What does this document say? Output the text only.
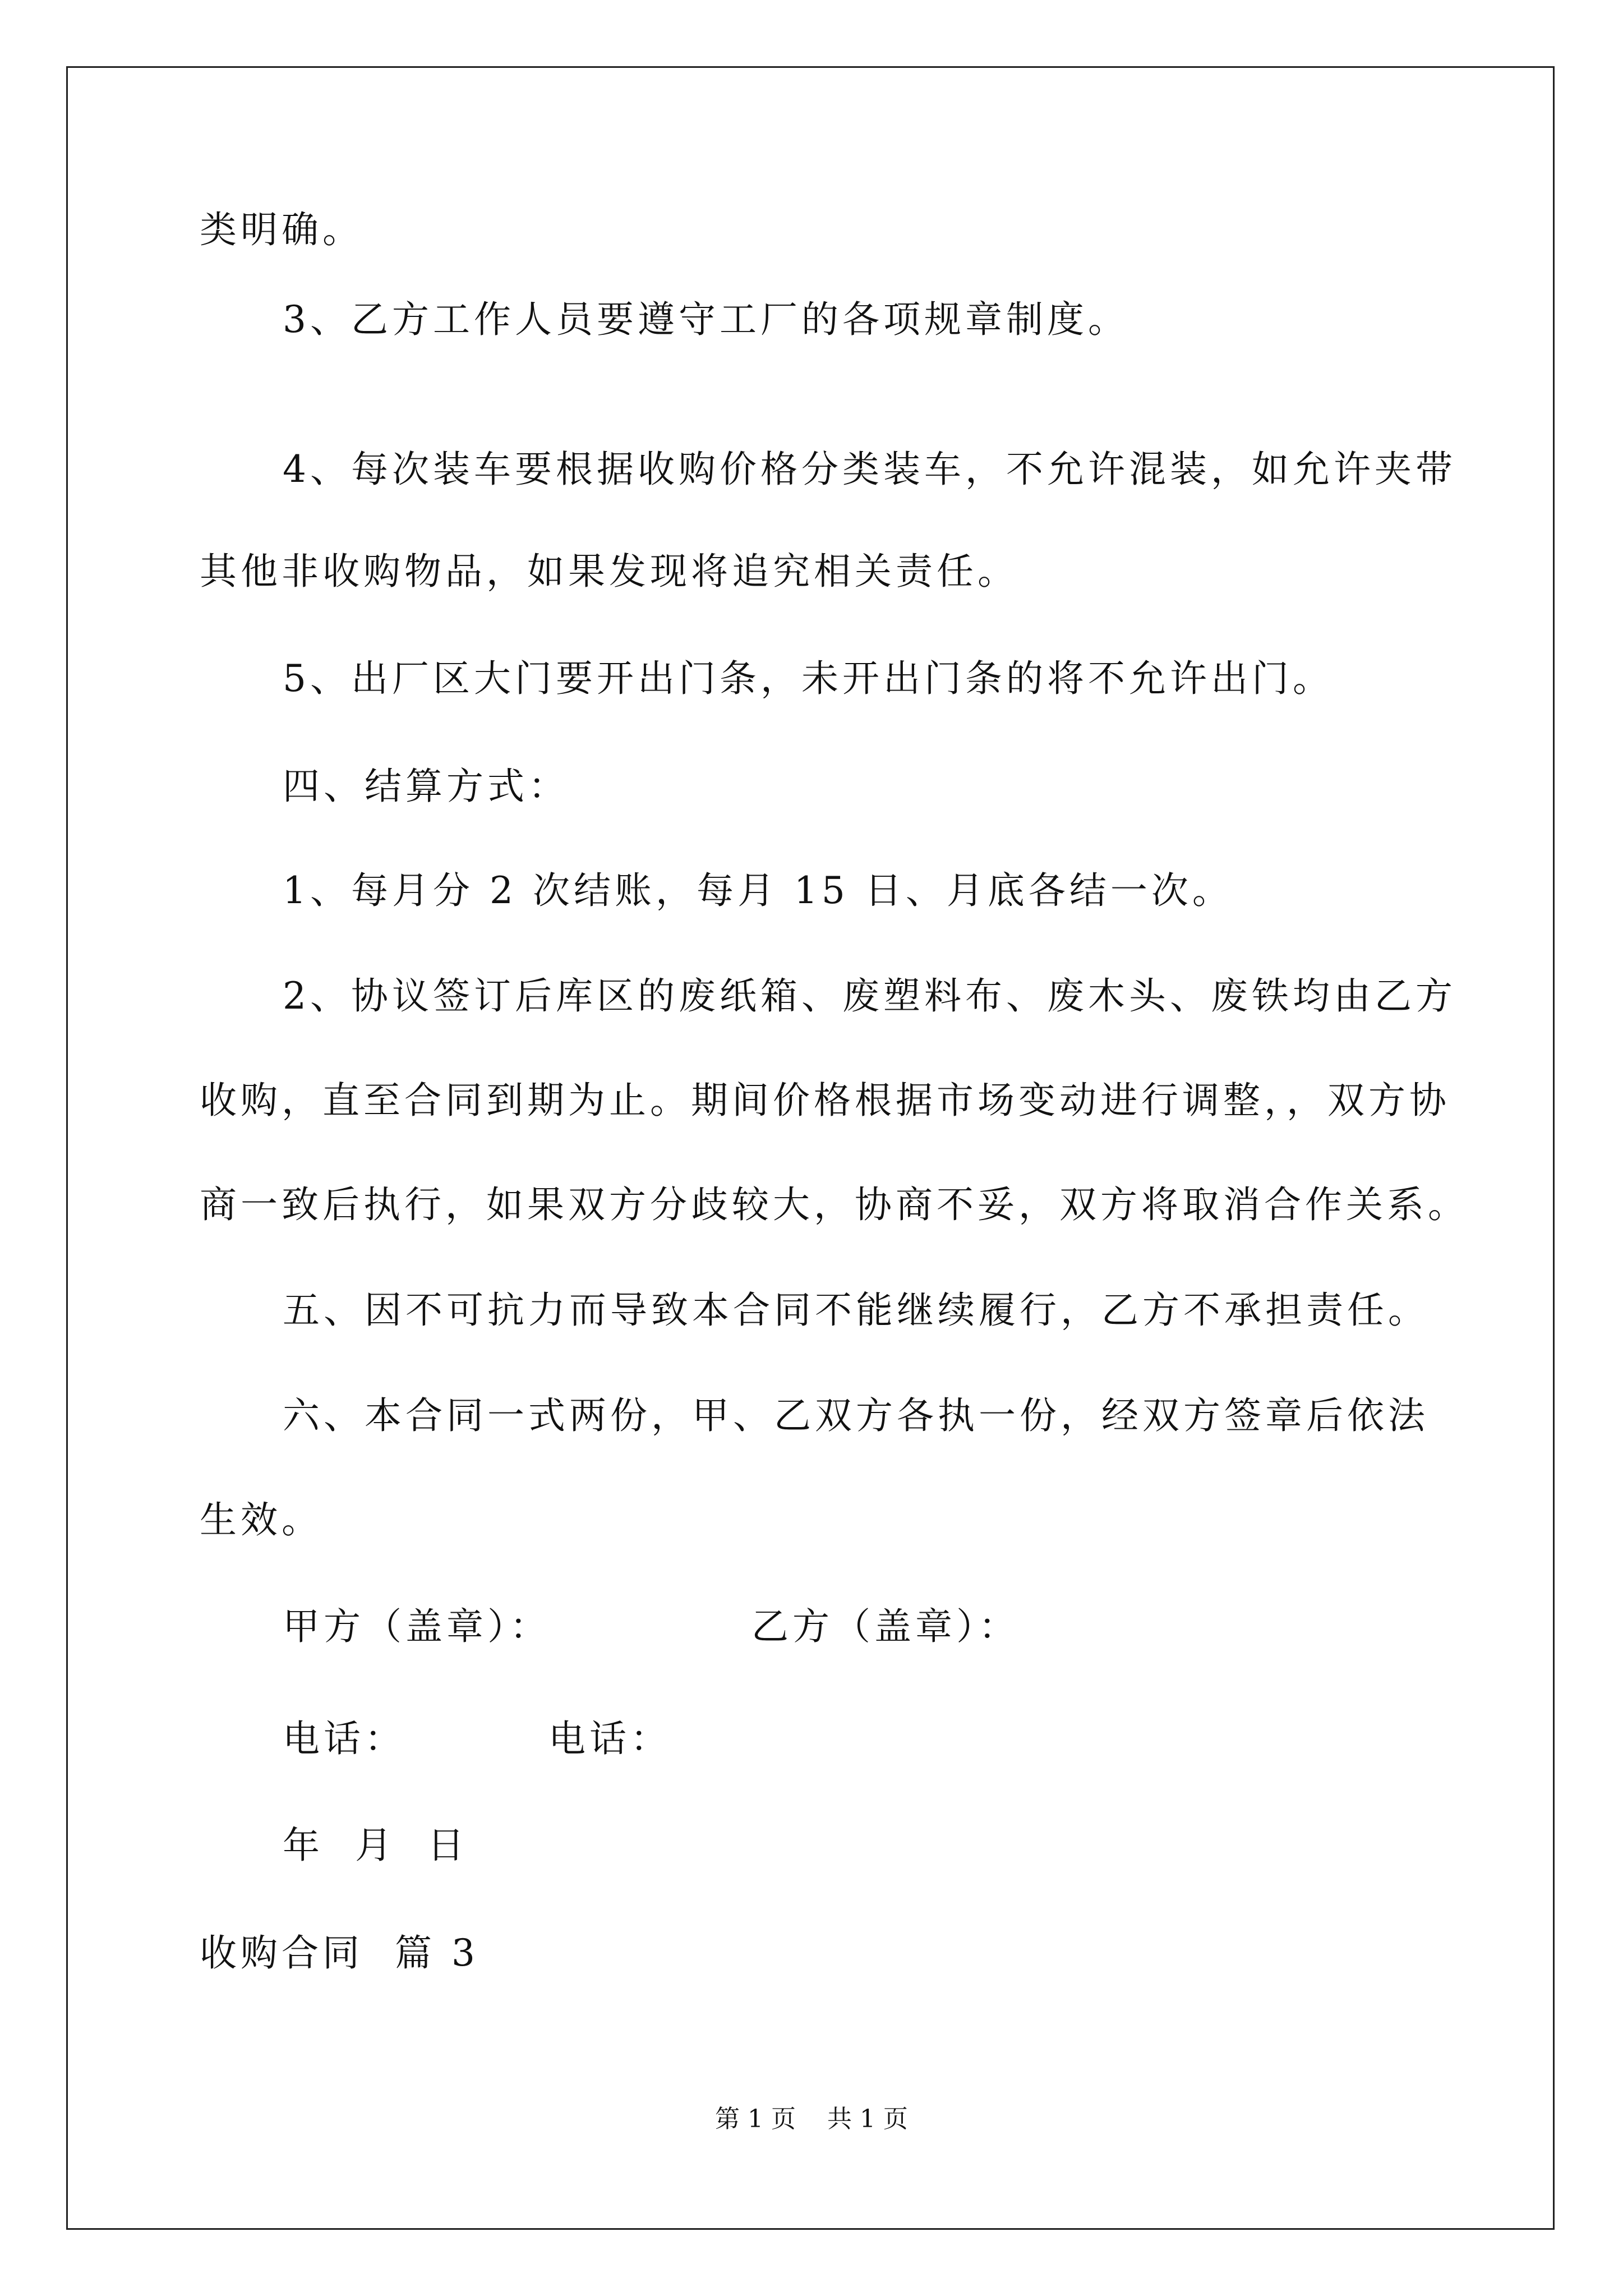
类明确。
3、乙方工作人员要遵守工厂的各项规章制度。
4、每次装车要根据收购价格分类装车，不允许混装，如允许夹带
其他非收购物品，如果发现将追究相关责任。
5、出厂区大门要开出门条，未开出门条的将不允许出门。
四、结算方式：
1、每月分 2 次结账，每月 15 日、月底各结一次。
2、协议签订后库区的废纸箱、废塑料布、废木头、废铁均由乙方
收购，直至合同到期为止。期间价格根据市场变动进行调整，，双方协
商一致后执行，如果双方分歧较大，协商不妥，双方将取消合作关系。
五、因不可抗力而导致本合同不能继续履行，乙方不承担责任。
六、本合同一式两份，甲、乙双方各执一份，经双方签章后依法
生效。
甲方（盖章）：	乙方（盖章）：
电话：	电话：
年  月  日
收购合同  篇 3
第 1 页    共 1 页
